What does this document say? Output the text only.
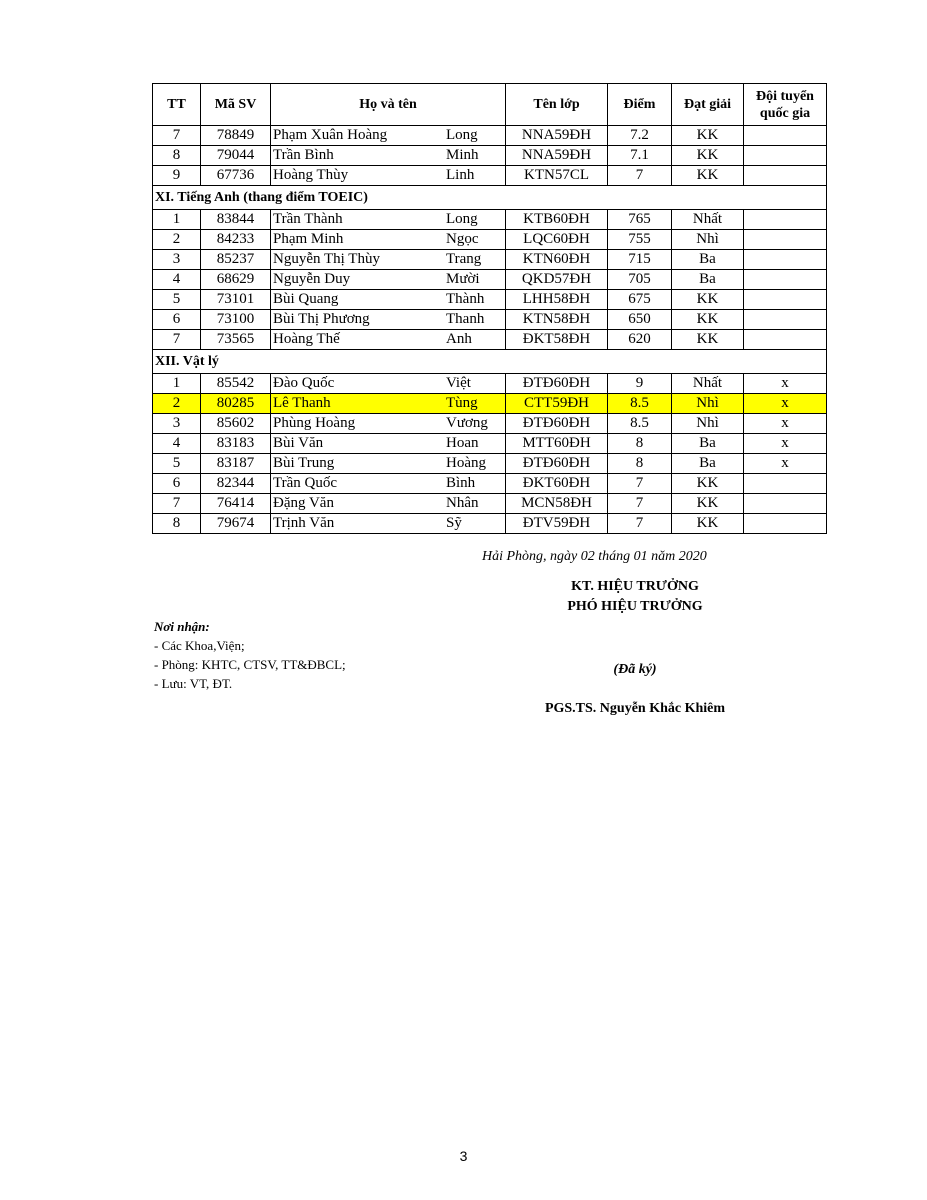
TT	Mã SV	Họ và tên	Tên lớp	Điểm	Đạt giải	Đội tuyển
quốc gia

7	78849	Phạm Xuân Hoàng Long	NNA59ĐH	7.2	KK	
8	79044	Trần Bình Minh	NNA59ĐH	7.1	KK	
9	67736	Hoàng Thùy Linh	KTN57CL	7	KK	
XI. Tiếng Anh (thang điểm TOEIC)						
1	83844	Trần Thành Long	KTB60ĐH	765	Nhất	
2	84233	Phạm Minh Ngọc	LQC60ĐH	755	Nhì	
3	85237	Nguyễn Thị Thùy Trang	KTN60ĐH	715	Ba	
4	68629	Nguyễn Duy Mười	QKD57ĐH	705	Ba	
5	73101	Bùi Quang Thành	LHH58ĐH	675	KK	
6	73100	Bùi Thị Phương Thanh	KTN58ĐH	650	KK	
7	73565	Hoàng Thế Anh	ĐKT58ĐH	620	KK	
XII. Vật lý						
1	85542	Đào Quốc Việt	ĐTĐ60ĐH	9	Nhất	x
2	80285	Lê Thanh Tùng	CTT59ĐH	8.5	Nhì	x
3	85602	Phùng Hoàng Vương	ĐTĐ60ĐH	8.5	Nhì	x
4	83183	Bùi Văn Hoan	MTT60ĐH	8	Ba	x
5	83187	Bùi Trung Hoàng	ĐTĐ60ĐH	8	Ba	x
6	82344	Trần Quốc Bình	ĐKT60ĐH	7	KK	
7	76414	Đặng Văn Nhân	MCN58ĐH	7	KK	
8	79674	Trịnh Văn Sỹ	ĐTV59ĐH	7	KK	
Hải Phòng, ngày 02 tháng 01 năm 2020
KT. HIỆU TRƯỞNG
PHÓ HIỆU TRƯỞNG
(Đã ký)
PGS.TS. Nguyễn Khắc Khiêm
Nơi nhận:
- Các Khoa,Viện;
- Phòng: KHTC, CTSV, TT&ĐBCL;
- Lưu: VT, ĐT.
3
